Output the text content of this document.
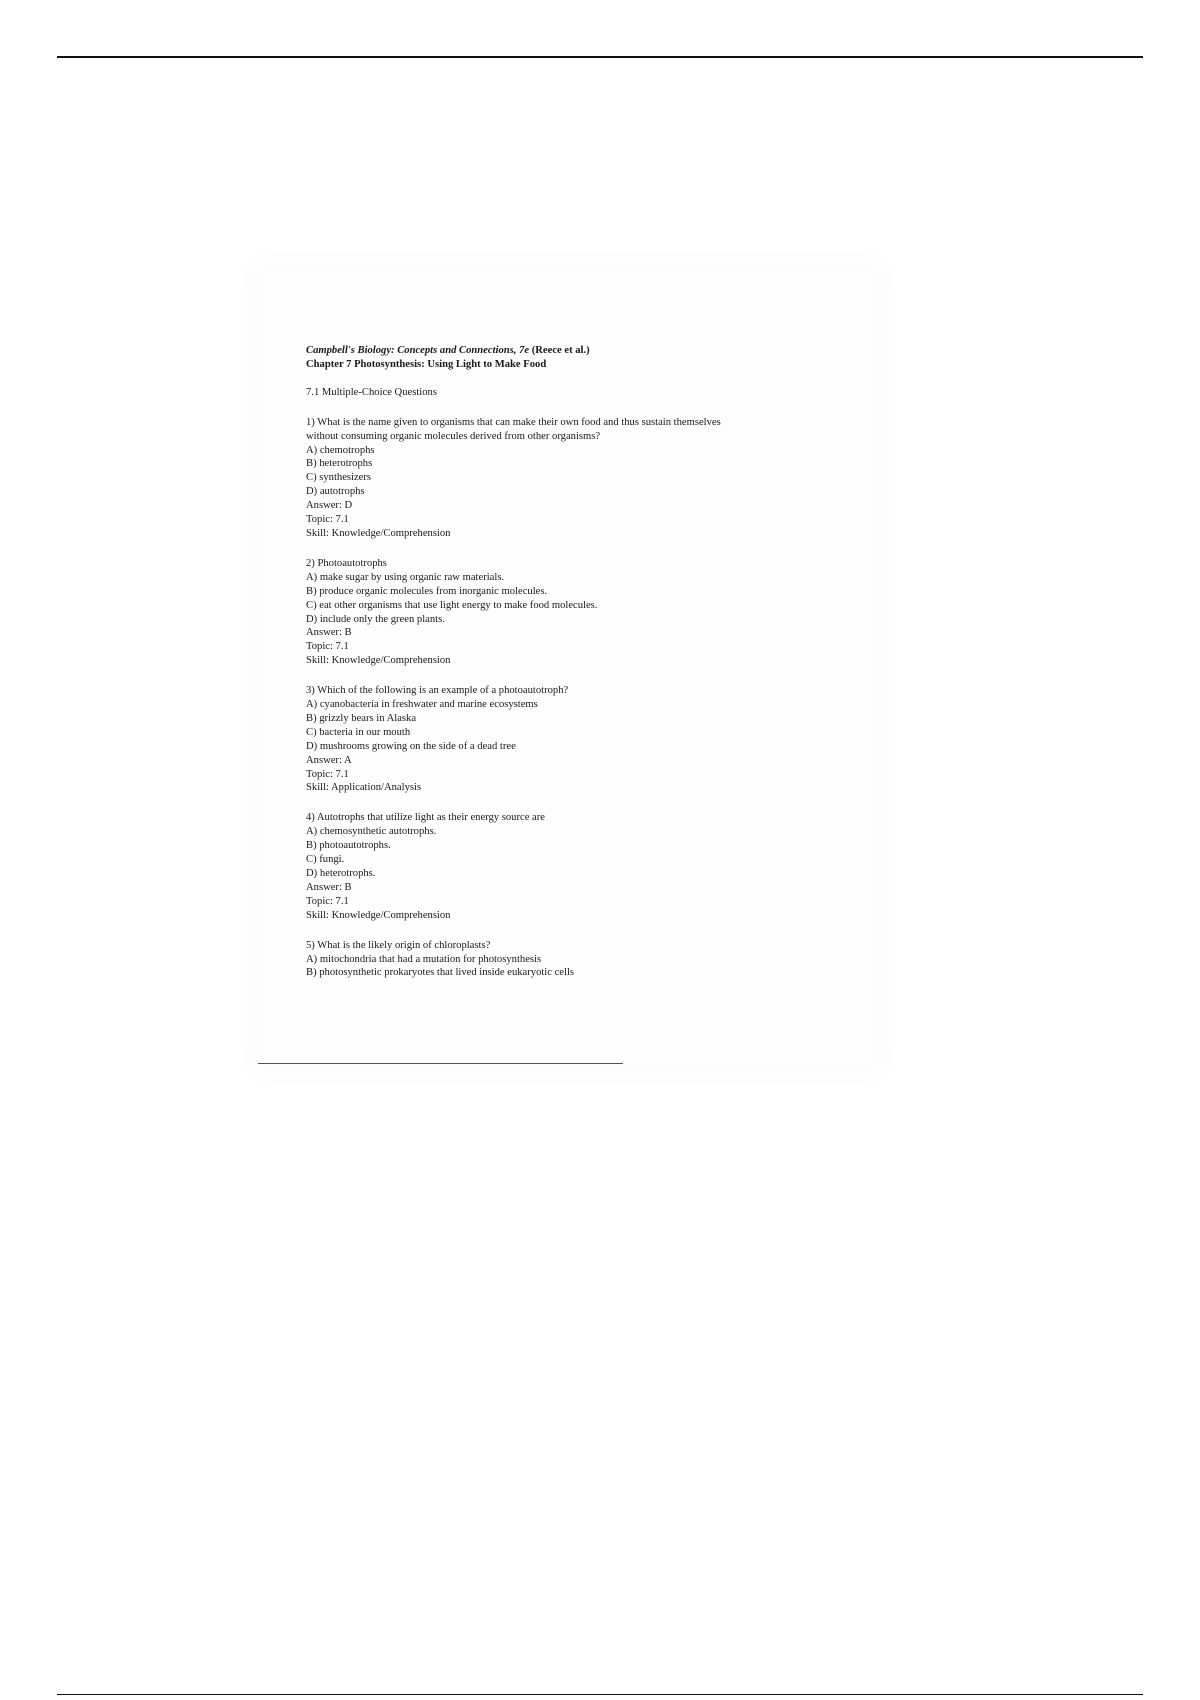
Campbell's Biology: Concepts and Connections, 7e (Reece et al.)
Chapter 7 Photosynthesis: Using Light to Make Food
7.1 Multiple-Choice Questions
1) What is the name given to organisms that can make their own food and thus sustain themselves
without consuming organic molecules derived from other organisms?
A) chemotrophs
B) heterotrophs
C) synthesizers
D) autotrophs
Answer: D
Topic: 7.1
Skill: Knowledge/Comprehension
2) Photoautotrophs
A) make sugar by using organic raw materials.
B) produce organic molecules from inorganic molecules.
C) eat other organisms that use light energy to make food molecules.
D) include only the green plants.
Answer: B
Topic: 7.1
Skill: Knowledge/Comprehension
3) Which of the following is an example of a photoautotroph?
A) cyanobacteria in freshwater and marine ecosystems
B) grizzly bears in Alaska
C) bacteria in our mouth
D) mushrooms growing on the side of a dead tree
Answer: A
Topic: 7.1
Skill: Application/Analysis
4) Autotrophs that utilize light as their energy source are
A) chemosynthetic autotrophs.
B) photoautotrophs.
C) fungi.
D) heterotrophs.
Answer: B
Topic: 7.1
Skill: Knowledge/Comprehension
5) What is the likely origin of chloroplasts?
A) mitochondria that had a mutation for photosynthesis
B) photosynthetic prokaryotes that lived inside eukaryotic cells
